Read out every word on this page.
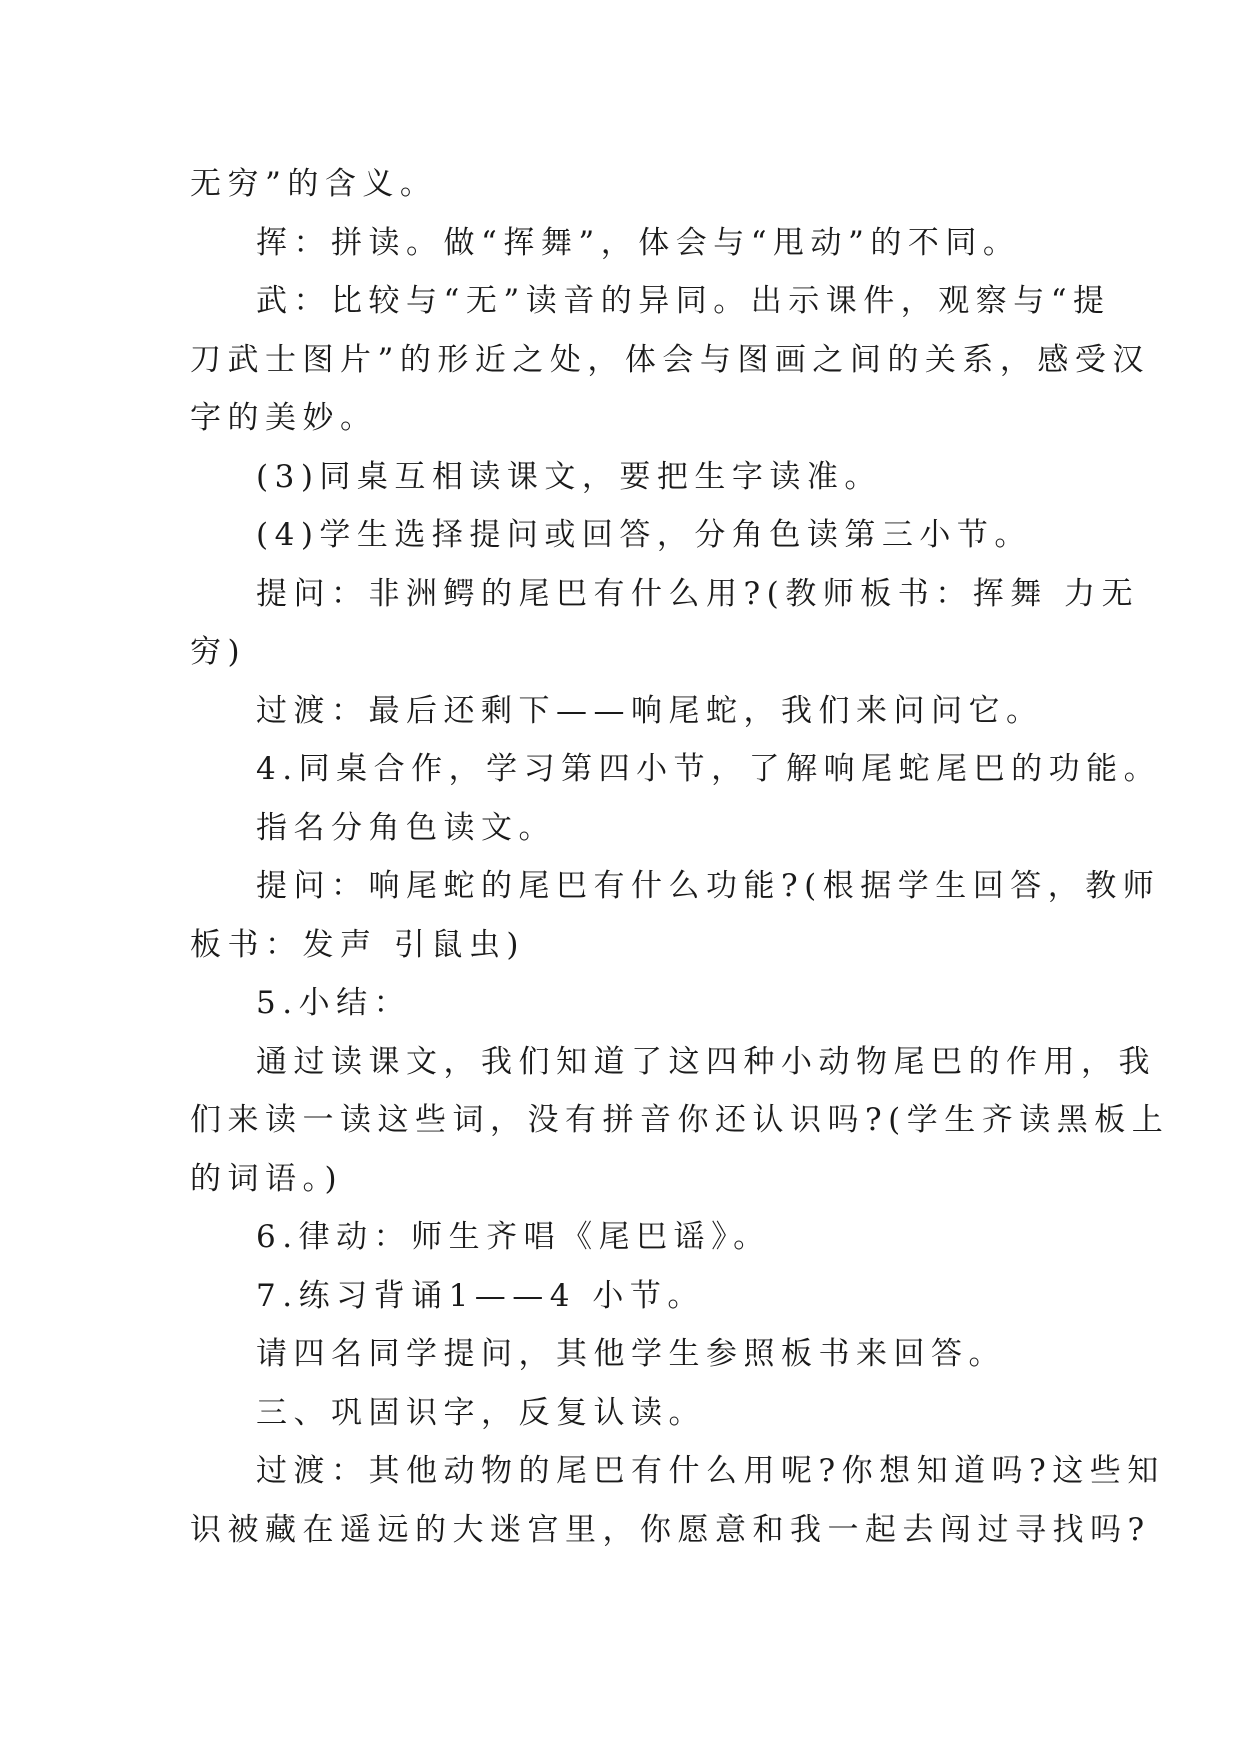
无穷”的含义。
挥：拼读。做“挥舞”，体会与“甩动”的不同。
武：比较与“无”读音的异同。出示课件，观察与“提
刀武士图片”的形近之处，体会与图画之间的关系，感受汉
字的美妙。
(3)同桌互相读课文，要把生字读准。
(4)学生选择提问或回答，分角色读第三小节。
提问：非洲鳄的尾巴有什么用?(教师板书：挥舞 力无
穷)
过渡：最后还剩下——响尾蛇，我们来问问它。
4.同桌合作，学习第四小节，了解响尾蛇尾巴的功能。
指名分角色读文。
提问：响尾蛇的尾巴有什么功能?(根据学生回答，教师
板书：发声 引鼠虫)
5.小结：
通过读课文，我们知道了这四种小动物尾巴的作用，我
们来读一读这些词，没有拼音你还认识吗?(学生齐读黑板上
的词语。)
6.律动：师生齐唱《尾巴谣》。
7.练习背诵1——4 小节。
请四名同学提问，其他学生参照板书来回答。
三、巩固识字，反复认读。
过渡：其他动物的尾巴有什么用呢?你想知道吗?这些知
识被藏在遥远的大迷宫里，你愿意和我一起去闯过寻找吗?
